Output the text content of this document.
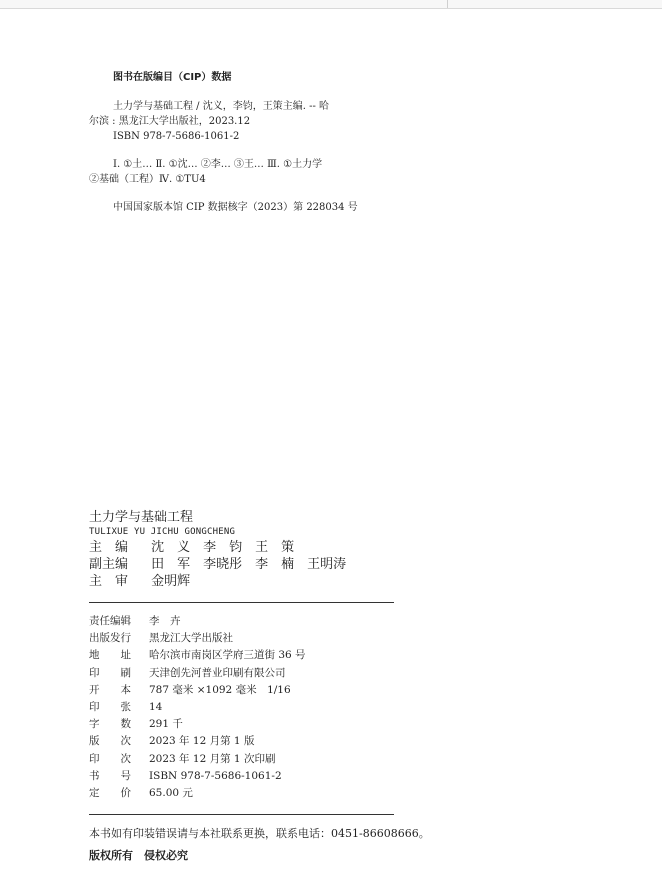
图书在版编目（CIP）数据

土力学与基础工程 / 沈义，李钧，王策主编. -- 哈

尔滨 : 黑龙江大学出版社，2023.12

ISBN 978-7-5686-1061-2

Ⅰ. ①土… Ⅱ. ①沈… ②李… ③王… Ⅲ. ①土力学

②基础（工程）Ⅳ. ①TU4

中国国家版本馆 CIP 数据核字（2023）第 228034 号

土力学与基础工程
TULIXUE YU JICHU GONGCHENG
主　编 沈　义　李　钧　王　策
副主编 田　军　李晓彤　李　楠　王明涛
主　审 金明辉
责任编辑	李　卉
出版发行	黑龙江大学出版社
地　　址	哈尔滨市南岗区学府三道街 36 号
印　　刷	天津创先河普业印刷有限公司
开　　本	787 毫米 ×1092 毫米　1/16
印　　张	14
字　　数	291 千
版　　次	2023 年 12 月第 1 版
印　　次	2023 年 12 月第 1 次印刷
书　　号	ISBN 978-7-5686-1061-2
定　　价	65.00 元
本书如有印装错误请与本社联系更换，联系电话：0451-86608666。
版权所有　侵权必究
